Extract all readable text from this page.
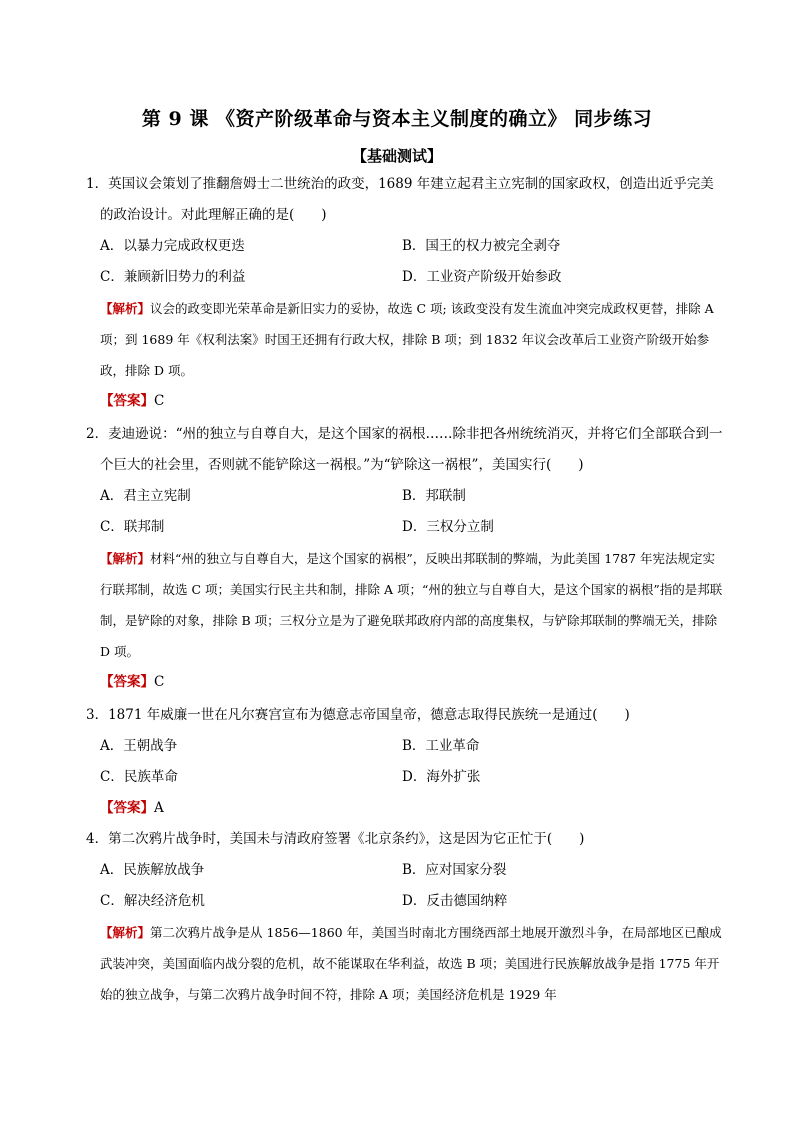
第 9 课 《资产阶级革命与资本主义制度的确立》 同步练习
【基础测试】
1．英国议会策划了推翻詹姆士二世统治的政变，1689 年建立起君主立宪制的国家政权，创造出近乎完美的政治设计。对此理解正确的是(　　)
A．以暴力完成政权更迭	B．国王的权力被完全剥夺
C．兼顾新旧势力的利益	D．工业资产阶级开始参政
【解析】议会的政变即光荣革命是新旧实力的妥协，故选 C 项; 该政变没有发生流血冲突完成政权更替，排除 A 项；到 1689 年《权利法案》时国王还拥有行政大权，排除 B 项；到 1832 年议会改革后工业资产阶级开始参政，排除 D 项。
【答案】C
2．麦迪逊说：“州的独立与自尊自大，是这个国家的祸根……除非把各州统统消灭，并将它们全部联合到一个巨大的社会里，否则就不能铲除这一祸根。”为“铲除这一祸根”，美国实行(　　)
A．君主立宪制	B．邦联制
C．联邦制	D．三权分立制
【解析】材料“州的独立与自尊自大，是这个国家的祸根”，反映出邦联制的弊端，为此美国 1787 年宪法规定实行联邦制，故选 C 项；美国实行民主共和制，排除 A 项；“州的独立与自尊自大，是这个国家的祸根”指的是邦联制，是铲除的对象，排除 B 项；三权分立是为了避免联邦政府内部的高度集权，与铲除邦联制的弊端无关，排除 D 项。
【答案】C
3．1871 年威廉一世在凡尔赛宫宣布为德意志帝国皇帝，德意志取得民族统一是通过(　　)
A．王朝战争	B．工业革命
C．民族革命	D．海外扩张
【答案】A
4．第二次鸦片战争时，美国未与清政府签署《北京条约》，这是因为它正忙于(　　)
A．民族解放战争	B．应对国家分裂
C．解决经济危机	D．反击德国纳粹
【解析】第二次鸦片战争是从 1856—1860 年，美国当时南北方围绕西部土地展开激烈斗争，在局部地区已酿成武装冲突，美国面临内战分裂的危机，故不能谋取在华利益，故选 B 项；美国进行民族解放战争是指 1775 年开始的独立战争，与第二次鸦片战争时间不符，排除 A 项；美国经济危机是 1929 年
